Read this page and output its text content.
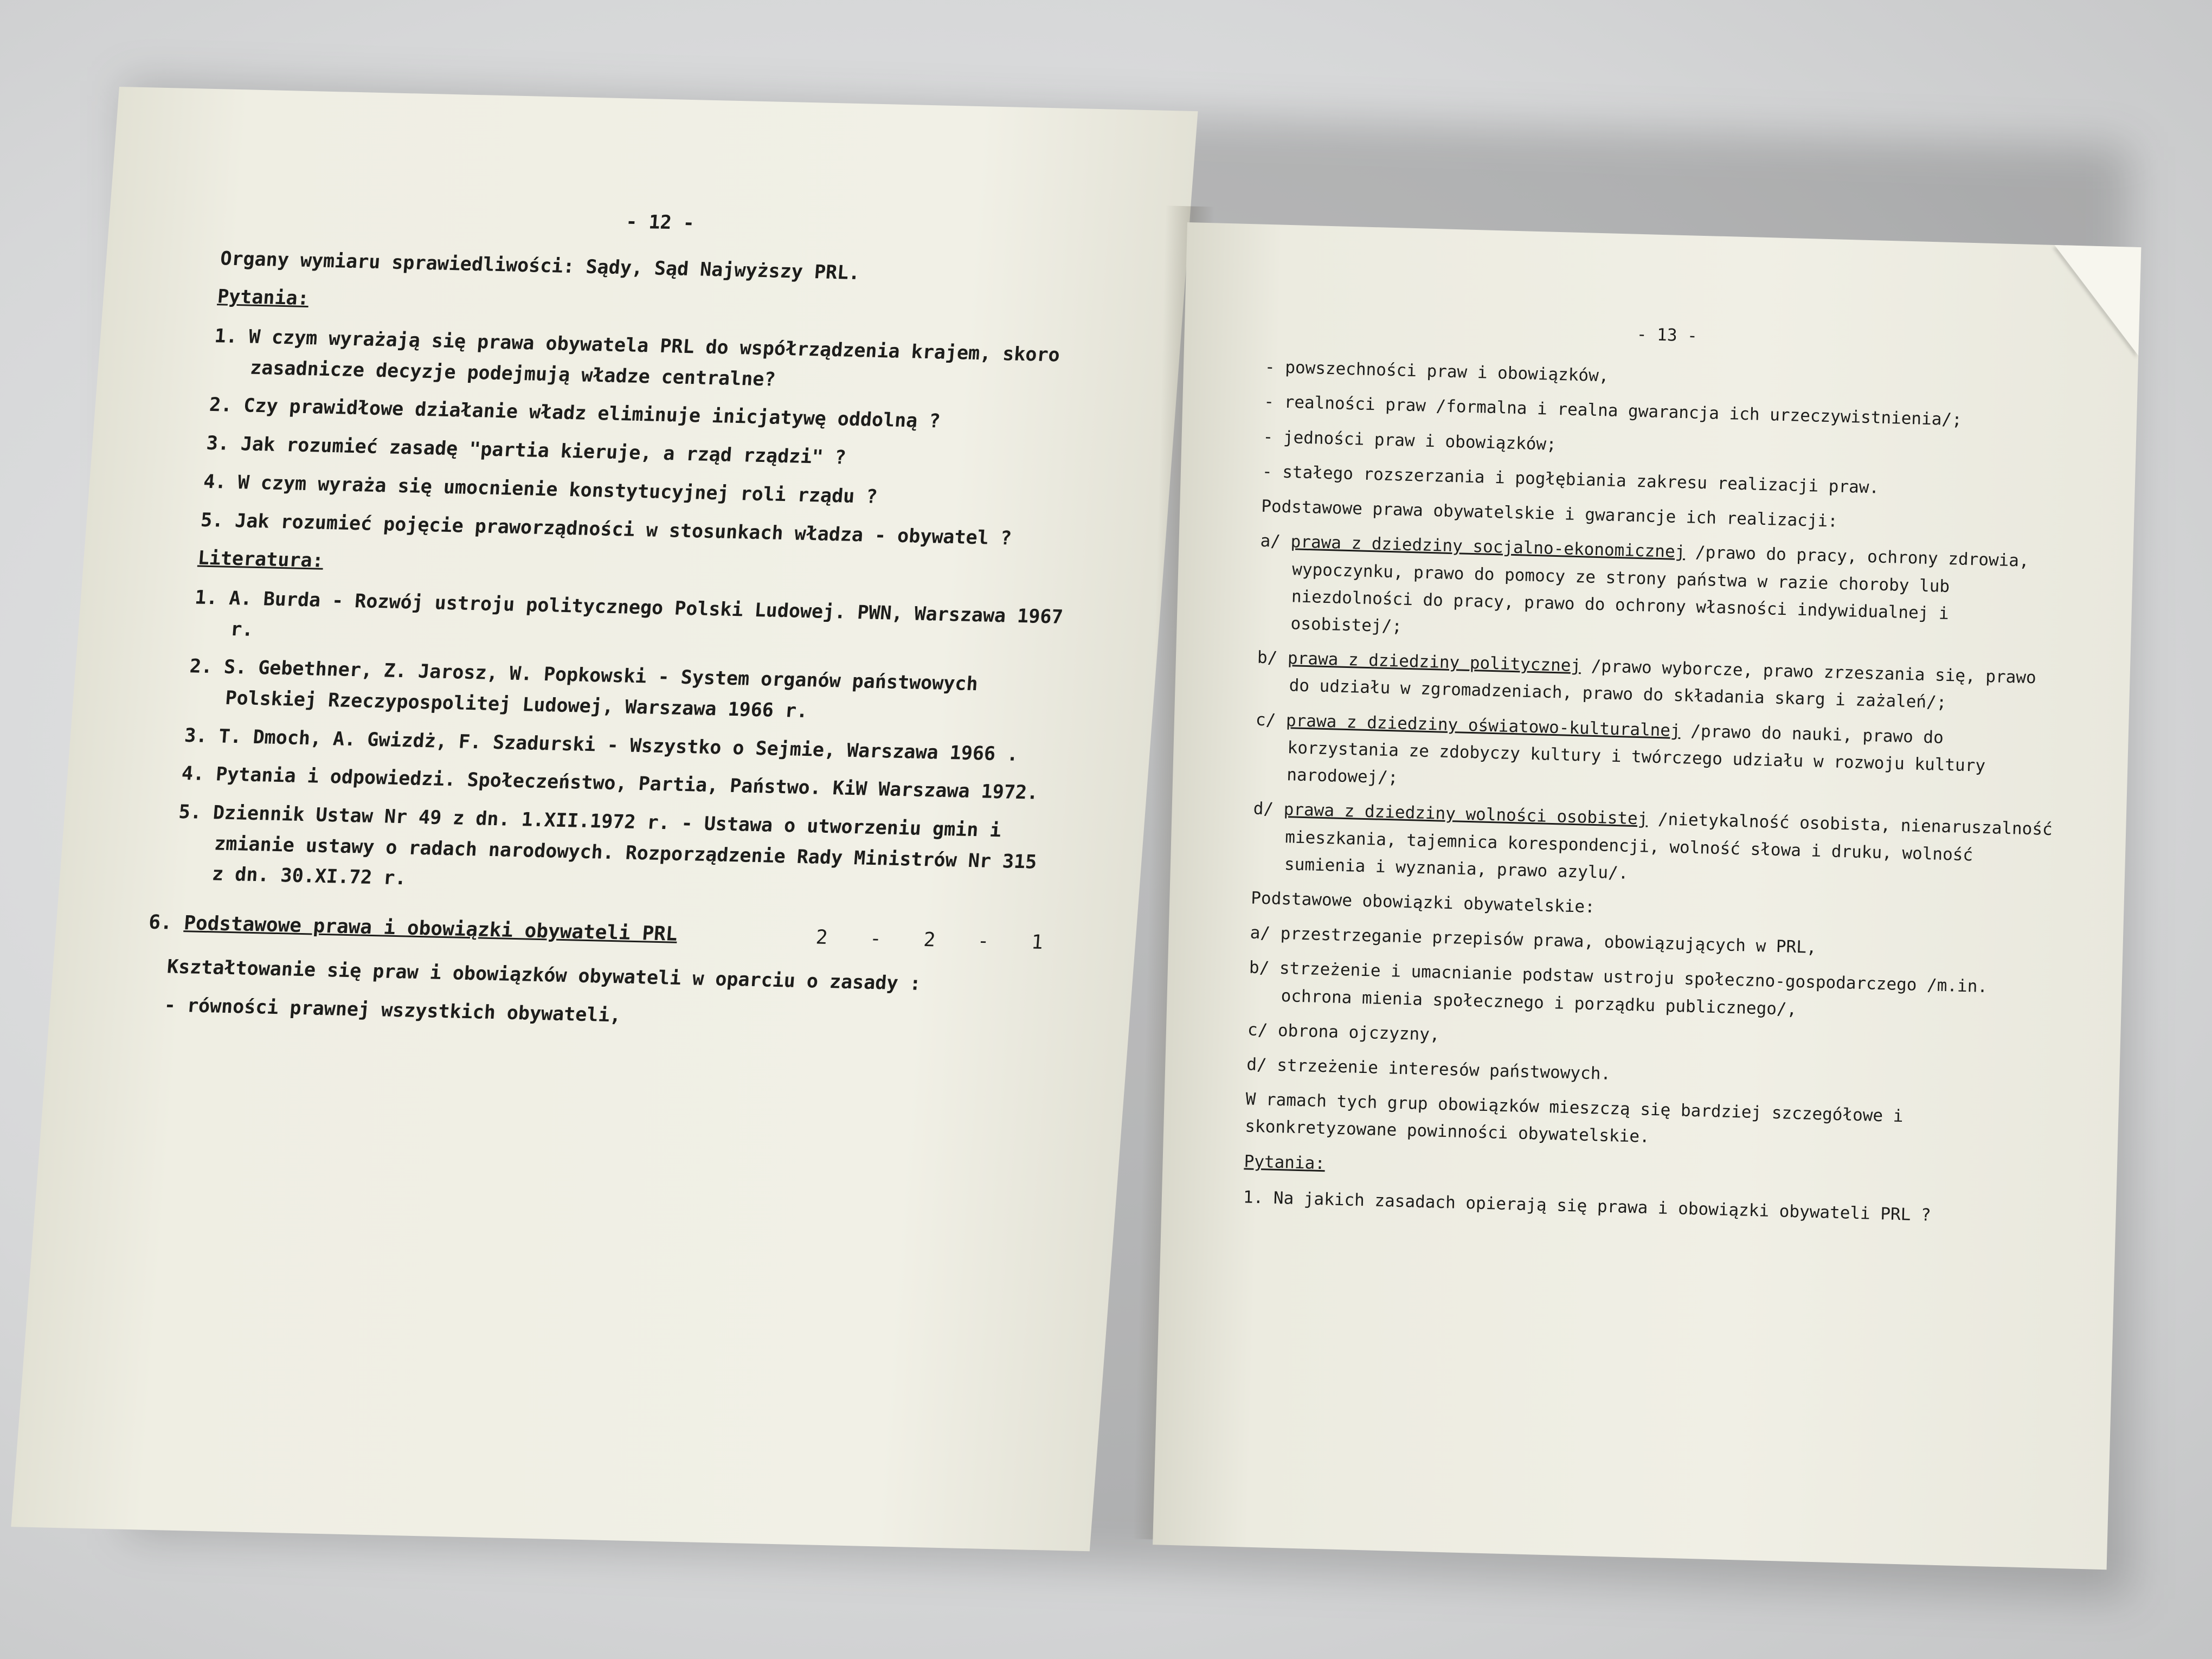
- 12 -
Organy wymiaru sprawiedliwości: Sądy, Sąd Najwyższy PRL.
Pytania:
1. W czym wyrażają się prawa obywatela PRL do współrządzenia krajem, skoro zasadnicze decyzje podejmują władze centralne?
2. Czy prawidłowe działanie władz eliminuje inicjatywę oddolną ?
3. Jak rozumieć zasadę "partia kieruje, a rząd rządzi" ?
4. W czym wyraża się umocnienie konstytucyjnej roli rządu ?
5. Jak rozumieć pojęcie praworządności w stosunkach władza - obywatel ?
Literatura:
1. A. Burda - Rozwój ustroju politycznego Polski Ludowej. PWN, Warszawa 1967 r.
2. S. Gebethner, Z. Jarosz, W. Popkowski - System organów państwowych Polskiej Rzeczypospolitej Ludowej, Warszawa 1966 r.
3. T. Dmoch, A. Gwizdż, F. Szadurski - Wszystko o Sejmie, Warszawa 1966 .
4. Pytania i odpowiedzi. Społeczeństwo, Partia, Państwo. KiW Warszawa 1972.
5. Dziennik Ustaw Nr 49 z dn. 1.XII.1972 r. - Ustawa o utworzeniu gmin i zmianie ustawy o radach narodowych. Rozporządzenie Rady Ministrów Nr 315 z dn. 30.XI.72 r.
6. Podstawowe prawa i obowiązki obywateli PRL	2 - 2 - 1
Kształtowanie się praw i obowiązków obywateli w oparciu o zasady :
- równości prawnej wszystkich obywateli,
- 13 -
- powszechności praw i obowiązków,
- realności praw /formalna i realna gwarancja ich urzeczywistnienia/;
- jedności praw i obowiązków;
- stałego rozszerzania i pogłębiania zakresu realizacji praw.
Podstawowe prawa obywatelskie i gwarancje ich realizacji:
a/ prawa z dziedziny socjalno-ekonomicznej /prawo do pracy, ochrony zdrowia, wypoczynku, prawo do pomocy ze strony państwa w razie choroby lub niezdolności do pracy, prawo do ochrony własności indywidualnej i osobistej/;
b/ prawa z dziedziny politycznej /prawo wyborcze, prawo zrzeszania się, prawo do udziału w zgromadzeniach, prawo do składania skarg i zażaleń/;
c/ prawa z dziedziny oświatowo-kulturalnej /prawo do nauki, prawo do korzystania ze zdobyczy kultury i twórczego udziału w rozwoju kultury narodowej/;
d/ prawa z dziedziny wolności osobistej /nietykalność osobista, nienaruszalność mieszkania, tajemnica korespondencji, wolność słowa i druku, wolność sumienia i wyznania, prawo azylu/.
Podstawowe obowiązki obywatelskie:
a/ przestrzeganie przepisów prawa, obowiązujących w PRL,
b/ strzeżenie i umacnianie podstaw ustroju społeczno-gospodarczego /m.in. ochrona mienia społecznego i porządku publicznego/,
c/ obrona ojczyzny,
d/ strzeżenie interesów państwowych.
W ramach tych grup obowiązków mieszczą się bardziej szczegółowe i skonkretyzowane powinności obywatelskie.
Pytania:
1. Na jakich zasadach opierają się prawa i obowiązki obywateli PRL ?
